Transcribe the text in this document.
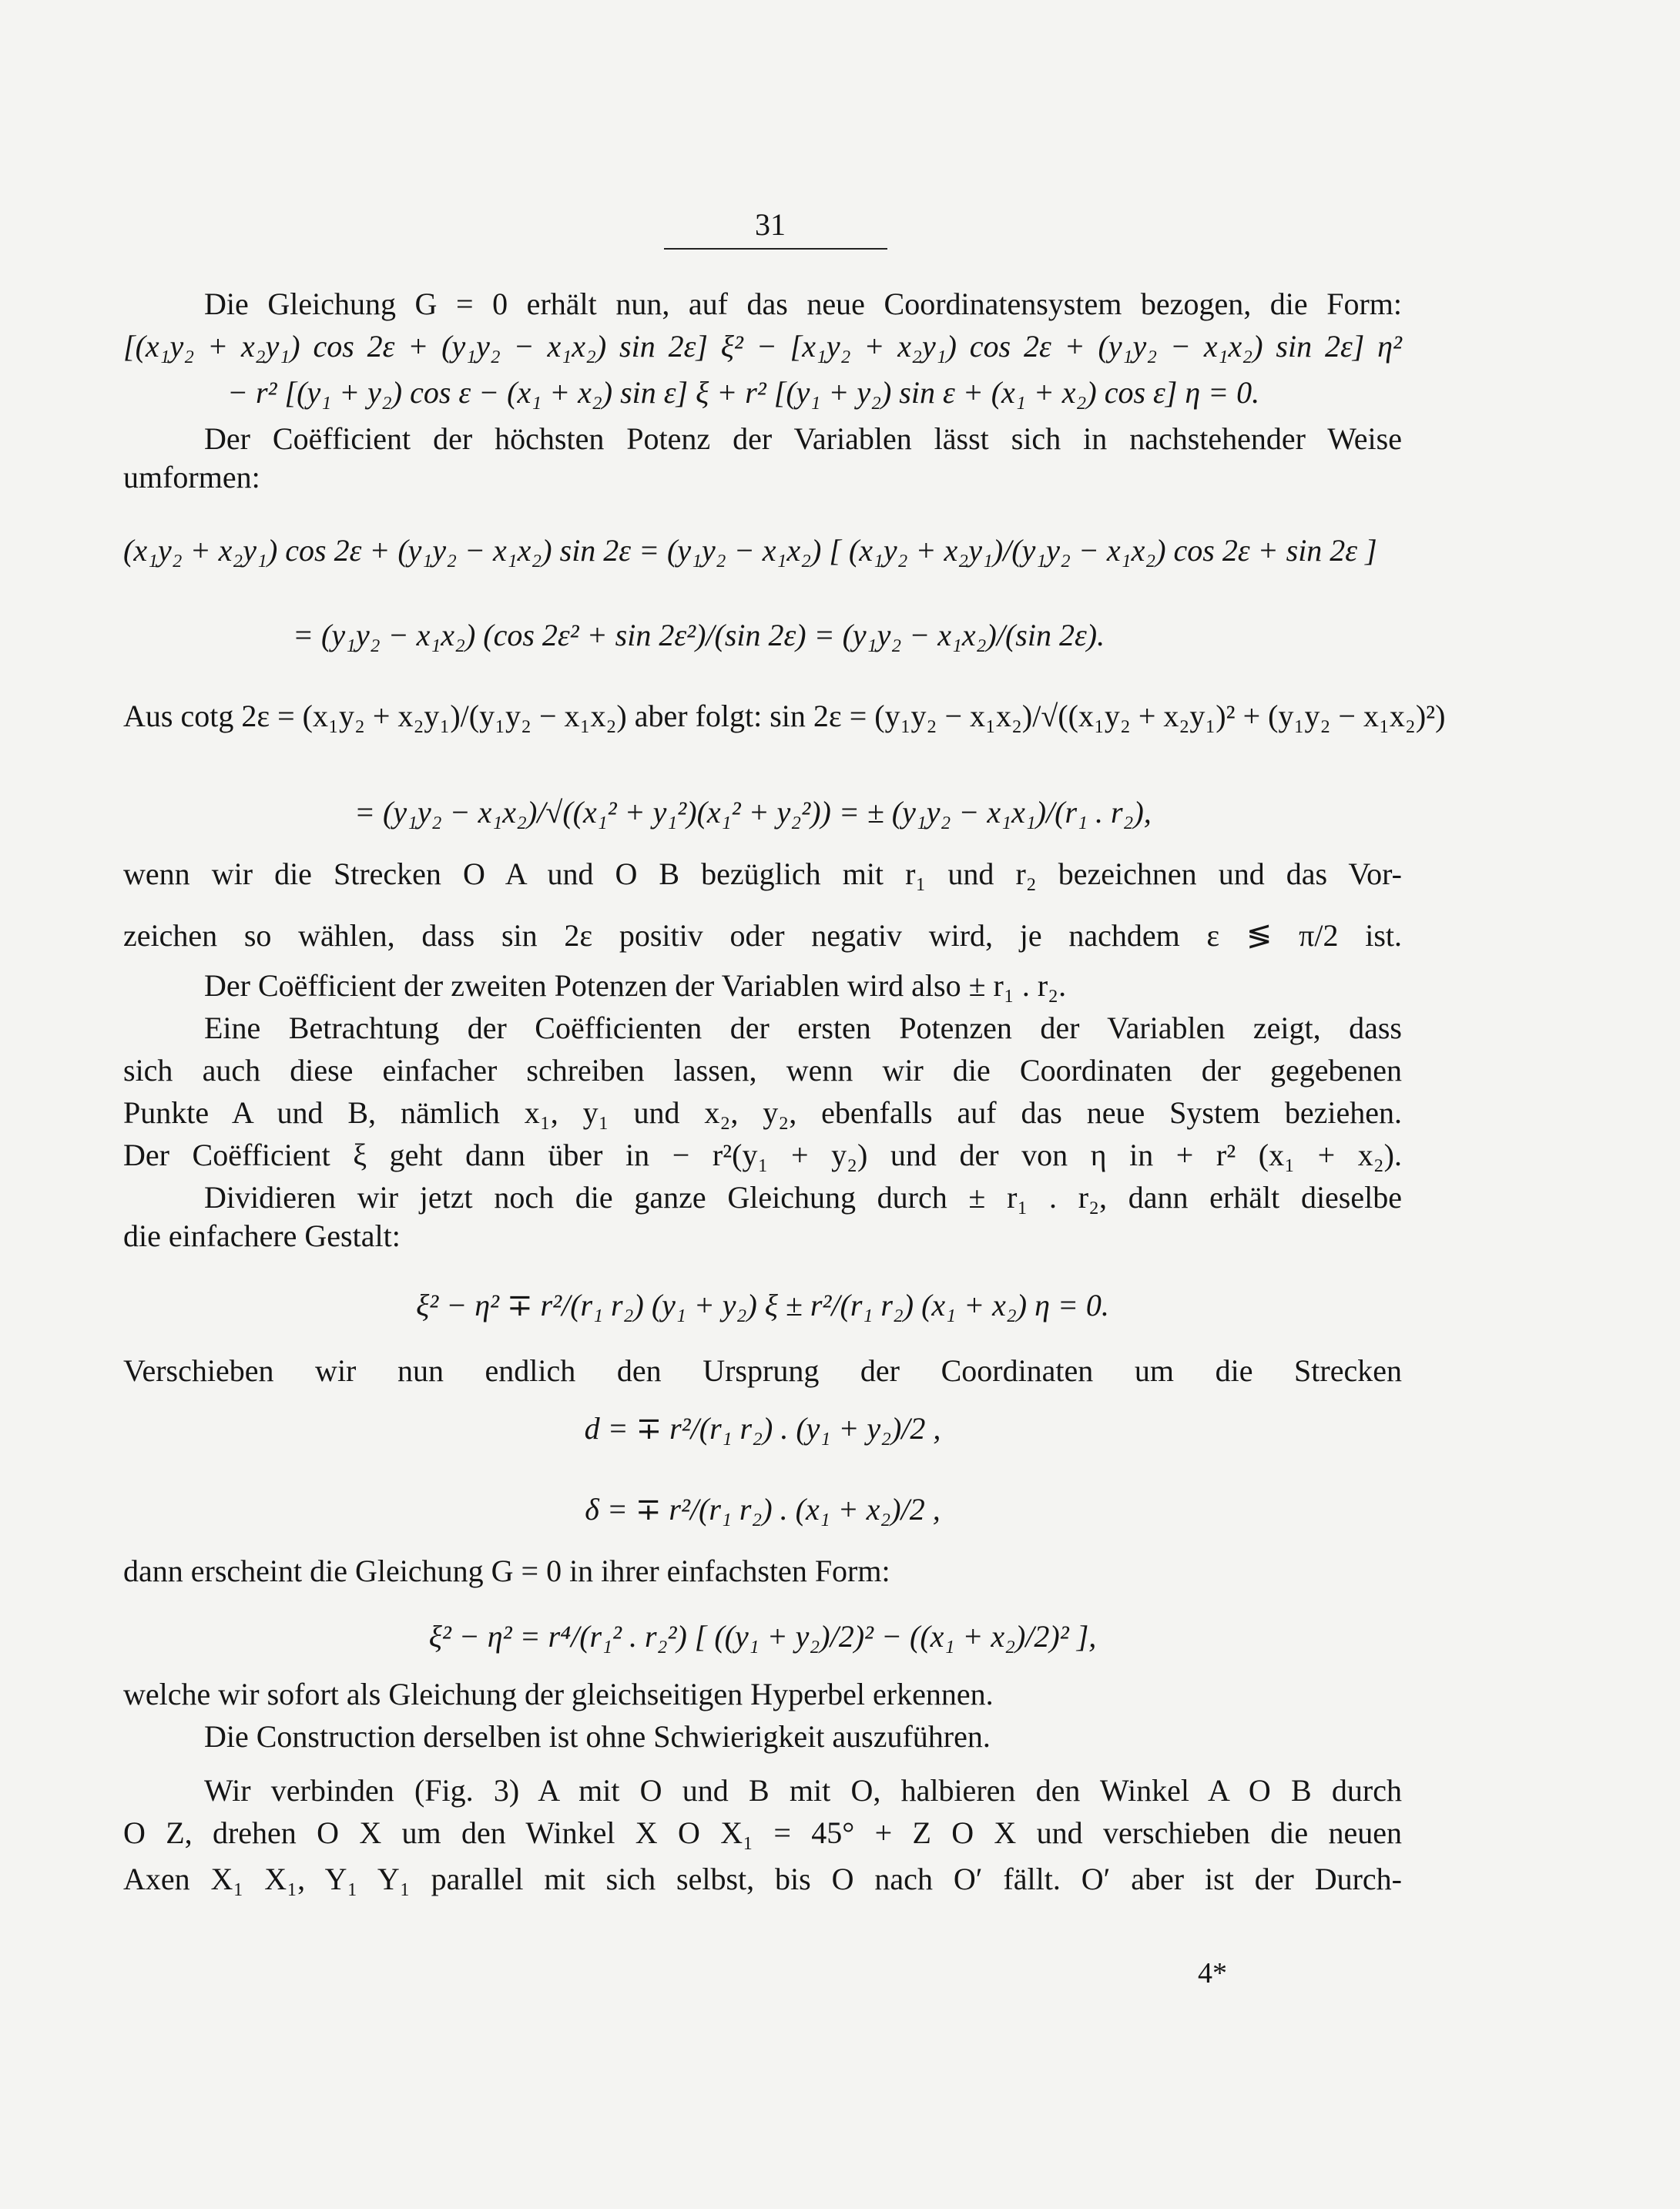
31
Die Gleichung G = 0 erhält nun, auf das neue Coordinatensystem bezogen, die Form:
[(x₁y₂ + x₂y₁) cos 2ε + (y₁y₂ − x₁x₂) sin 2ε] ξ² − [x₁y₂ + x₂y₁) cos 2ε + (y₁y₂ − x₁x₂) sin 2ε] η²
− r² [(y₁ + y₂) cos ε − (x₁ + x₂) sin ε] ξ + r² [(y₁ + y₂) sin ε + (x₁ + x₂) cos ε] η = 0.
Der Coëfficient der höchsten Potenz der Variablen lässt sich in nachstehender Weise
umformen:
(x₁y₂ + x₂y₁) cos 2ε + (y₁y₂ − x₁x₂) sin 2ε = (y₁y₂ − x₁x₂) [ (x₁y₂ + x₂y₁)/(y₁y₂ − x₁x₂) cos 2ε + sin 2ε ]
= (y₁y₂ − x₁x₂) (cos 2ε² + sin 2ε²)/(sin 2ε) = (y₁y₂ − x₁x₂)/(sin 2ε).
Aus cotg 2ε = (x₁y₂ + x₂y₁)/(y₁y₂ − x₁x₂) aber folgt: sin 2ε = (y₁y₂ − x₁x₂)/√((x₁y₂ + x₂y₁)² + (y₁y₂ − x₁x₂)²)
= (y₁y₂ − x₁x₂)/√((x₁² + y₁²)(x₁² + y₂²)) = ± (y₁y₂ − x₁x₁)/(r₁ . r₂),
wenn wir die Strecken O A und O B bezüglich mit r₁ und r₂ bezeichnen und das Vor-
zeichen so wählen, dass sin 2ε positiv oder negativ wird, je nachdem ε ≶ π/2 ist.
Der Coëfficient der zweiten Potenzen der Variablen wird also ± r₁ . r₂.
Eine Betrachtung der Coëfficienten der ersten Potenzen der Variablen zeigt, dass
sich auch diese einfacher schreiben lassen, wenn wir die Coordinaten der gegebenen
Punkte A und B, nämlich x₁, y₁ und x₂, y₂, ebenfalls auf das neue System beziehen.
Der Coëfficient ξ geht dann über in − r²(y₁ + y₂) und der von η in + r² (x₁ + x₂).
Dividieren wir jetzt noch die ganze Gleichung durch ± r₁ . r₂, dann erhält dieselbe
die einfachere Gestalt:
ξ² − η² ∓ r²/(r₁ r₂) (y₁ + y₂) ξ ± r²/(r₁ r₂) (x₁ + x₂) η = 0.
Verschieben wir nun endlich den Ursprung der Coordinaten um die Strecken
d = ∓ r²/(r₁ r₂) . (y₁ + y₂)/2 ,
δ = ∓ r²/(r₁ r₂) . (x₁ + x₂)/2 ,
dann erscheint die Gleichung G = 0 in ihrer einfachsten Form:
ξ² − η² = r⁴/(r₁² . r₂²) [ ((y₁ + y₂)/2)² − ((x₁ + x₂)/2)² ],
welche wir sofort als Gleichung der gleichseitigen Hyperbel erkennen.
Die Construction derselben ist ohne Schwierigkeit auszuführen.
Wir verbinden (Fig. 3) A mit O und B mit O, halbieren den Winkel A O B durch
O Z, drehen O X um den Winkel X O X₁ = 45° + Z O X und verschieben die neuen
Axen X₁ X₁, Y₁ Y₁ parallel mit sich selbst, bis O nach O′ fällt. O′ aber ist der Durch-
4*
